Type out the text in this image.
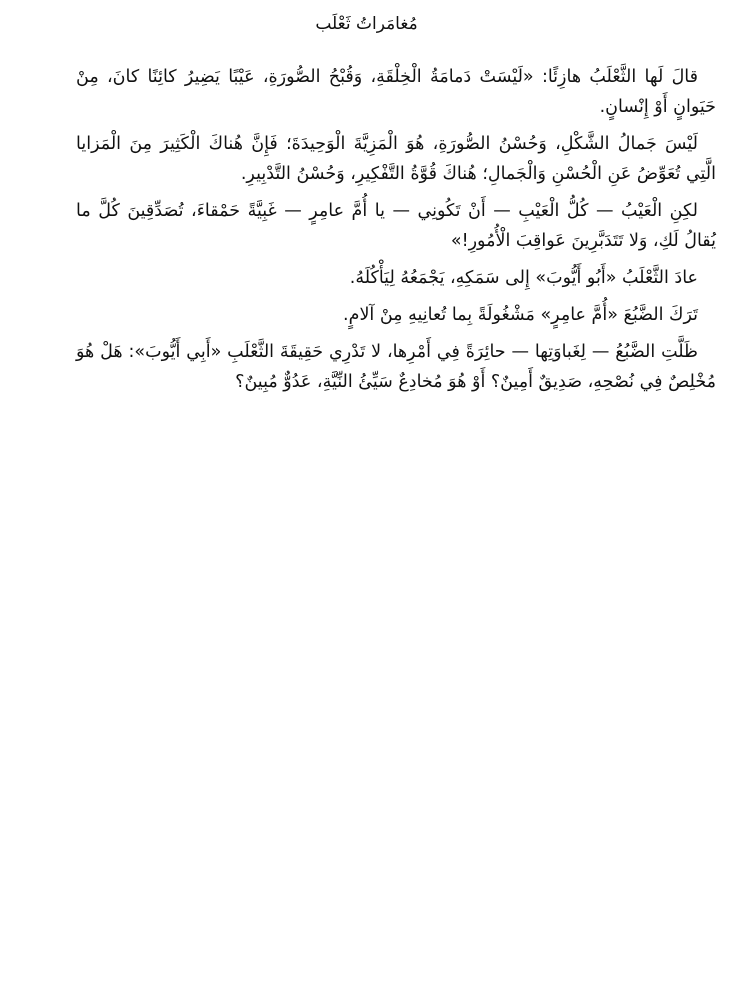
مُغامَراتُ ثَعْلَب

قالَ لَها الثَّعْلَبُ هازِئًا: «لَيْسَتْ دَمامَةُ الْخِلْقَةِ، وَقُبْحُ الصُّورَةِ، عَيْبًا يَضِيرُ كائِنًا كانَ، مِنْ حَيَوانٍ أَوْ إِنْسانٍ.

لَيْسَ جَمالُ الشَّكْلِ، وَحُسْنُ الصُّورَةِ، هُوَ الْمَزِيَّةَ الْوَحِيدَةَ؛ فَإِنَّ هُناكَ الْكَثِيرَ مِنَ الْمَزايا الَّتِي تُعَوِّضُ عَنِ الْحُسْنِ وَالْجَمالِ؛ هُناكَ قُوَّةُ التَّفْكِيرِ، وَحُسْنُ التَّدْبِيرِ.

لكِنِ الْعَيْبُ — كُلُّ الْعَيْبِ — أَنْ تَكُونِي — يا أُمَّ عامِرٍ — غَبِيَّةً حَمْقاءَ، تُصَدِّقِينَ كُلَّ ما يُقالُ لَكِ، وَلا تَتَدَبَّرِينَ عَواقِبَ الْأُمُورِ!»

عادَ الثَّعْلَبُ «أَبُو أَيُّوبَ» إِلى سَمَكِهِ، يَجْمَعُهُ لِيَأْكُلَهُ.

تَرَكَ الضَّبُعَ «أُمَّ عامِرٍ» مَشْغُولَةً بِما تُعانِيهِ مِنْ آلامٍ.

ظَلَّتِ الضَّبُعُ — لِغَباوَتِها — حائِرَةً فِي أَمْرِها، لا تَدْرِي حَقِيقَةَ الثَّعْلَبِ «أَبِي أَيُّوبَ»: هَلْ هُوَ مُخْلِصٌ فِي نُصْحِهِ، صَدِيقٌ أَمِينٌ؟ أَوْ هُوَ مُخادِعٌ سَيِّئُ النِّيَّةِ، عَدُوٌّ مُبِينٌ؟
